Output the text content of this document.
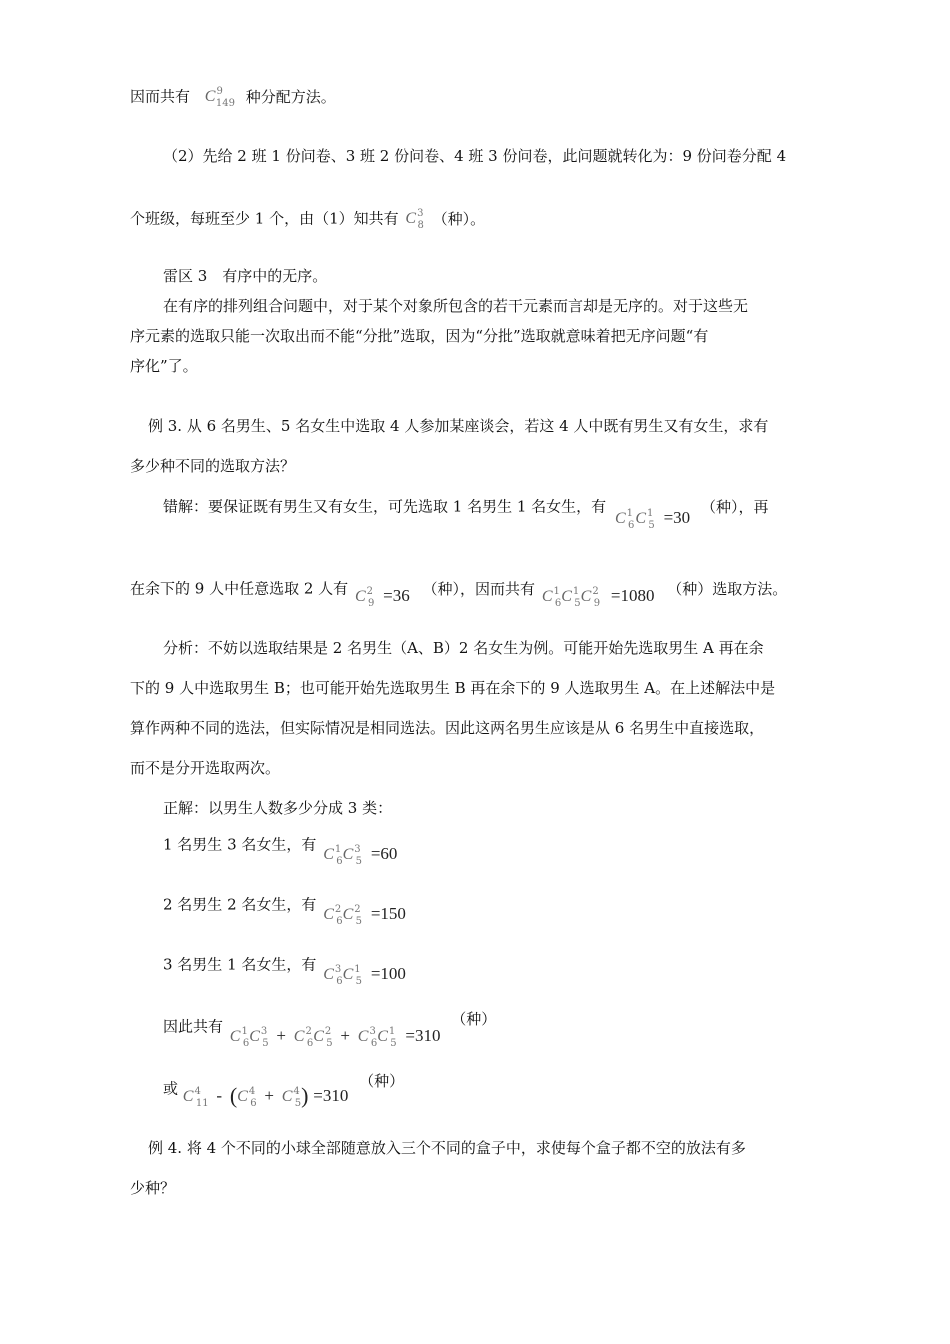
因而共有 $C^9_{149}$ 种分配方法。
（2）先给 2 班 1 份问卷、3 班 2 份问卷、4 班 3 份问卷，此问题就转化为：9 份问卷分配 4
个班级，每班至少 1 个，由（1）知共有 $C^3_8$ （种）。
雷区 3　有序中的无序。
在有序的排列组合问题中，对于某个对象所包含的若干元素而言却是无序的。对于这些无
序元素的选取只能一次取出而不能“分批”选取，因为“分批”选取就意味着把无序问题“有
序化”了。
例 3. 从 6 名男生、5 名女生中选取 4 人参加某座谈会，若这 4 人中既有男生又有女生，求有
多少种不同的选取方法？
错解：要保证既有男生又有女生，可先选取 1 名男生 1 名女生，有 $C^1_6C^1_5 =30$ （种），再
在余下的 9 人中任意选取 2 人有 $C^2_9 =36$ （种），因而共有 $C^1_6C^1_5C^2_9 =1080$ （种）选取方法。
分析：不妨以选取结果是 2 名男生（A、B）2 名女生为例。可能开始先选取男生 A 再在余
下的 9 人中选取男生 B；也可能开始先选取男生 B 再在余下的 9 人选取男生 A。在上述解法中是
算作两种不同的选法，但实际情况是相同选法。因此这两名男生应该是从 6 名男生中直接选取，
而不是分开选取两次。
正解：以男生人数多少分成 3 类：
1 名男生 3 名女生，有 $C^1_6C^3_5 =60$
2 名男生 2 名女生，有 $C^2_6C^2_5 =150$
3 名男生 1 名女生，有 $C^3_6C^1_5 =100$
因此共有 $C^1_6C^3_5 + C^2_6C^2_5 + C^3_6C^1_5 =310$ （种）
或 $C^4_{11} - (C^4_6 + C^4_5) =310$ （种）
例 4. 将 4 个不同的小球全部随意放入三个不同的盒子中，求使每个盒子都不空的放法有多
少种？
